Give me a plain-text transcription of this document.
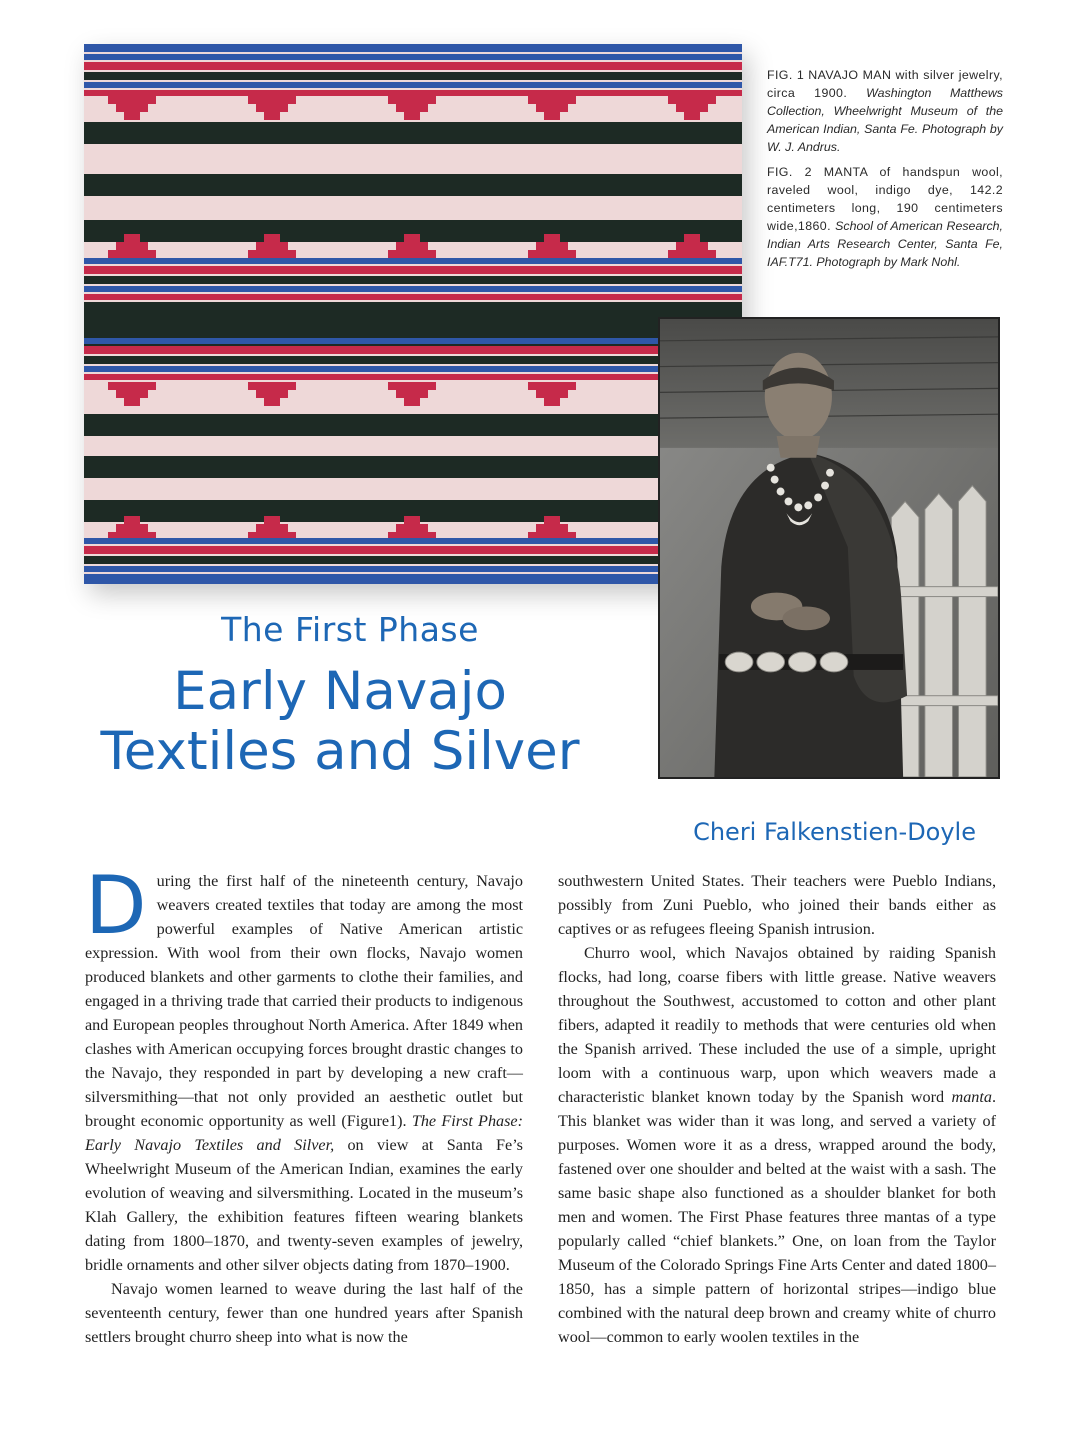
FIG. 1 NAVAJO MAN with silver jewelry, circa 1900. Washington Matthews Collection, Wheelwright Museum of the American Indian, Santa Fe. Photograph by W. J. Andrus.

FIG. 2 MANTA of handspun wool, raveled wool, indigo dye, 142.2 centimeters long, 190 centimeters wide,1860. School of American Research, Indian Arts Research Center, Santa Fe, IAF.T71. Photograph by Mark Nohl.

The First Phase
Early Navajo
Textiles and Silver
Cheri Falkenstien-Doyle

During the first half of the nineteenth century, Navajo weavers created textiles that today are among the most powerful examples of Native American artistic expression. With wool from their own flocks, Navajo women produced blankets and other garments to clothe their families, and engaged in a thriving trade that carried their products to indigenous and European peoples throughout North America. After 1849 when clashes with American occupying forces brought drastic changes to the Navajo, they responded in part by developing a new craft—silversmithing—that not only provided an aesthetic outlet but brought economic opportunity as well (Figure1). The First Phase: Early Navajo Textiles and Silver, on view at Santa Fe’s Wheelwright Museum of the American Indian, examines the early evolution of weaving and silversmithing. Located in the museum’s Klah Gallery, the exhibition features fifteen wearing blankets dating from 1800–1870, and twenty-seven examples of jewelry, bridle ornaments and other silver objects dating from 1870–1900.

Navajo women learned to weave during the last half of the seventeenth century, fewer than one hundred years after Spanish settlers brought churro sheep into what is now the

southwestern United States. Their teachers were Pueblo Indians, possibly from Zuni Pueblo, who joined their bands either as captives or as refugees fleeing Spanish intrusion.

Churro wool, which Navajos obtained by raiding Spanish flocks, had long, coarse fibers with little grease. Native weavers throughout the Southwest, accustomed to cotton and other plant fibers, adapted it readily to methods that were centuries old when the Spanish arrived. These included the use of a simple, upright loom with a continuous warp, upon which weavers made a characteristic blanket known today by the Spanish word manta. This blanket was wider than it was long, and served a variety of purposes. Women wore it as a dress, wrapped around the body, fastened over one shoulder and belted at the waist with a sash. The same basic shape also functioned as a shoulder blanket for both men and women. The First Phase features three mantas of a type popularly called “chief blankets.” One, on loan from the Taylor Museum of the Colorado Springs Fine Arts Center and dated 1800–1850, has a simple pattern of horizontal stripes—indigo blue combined with the natural deep brown and creamy white of churro wool—common to early woolen textiles in the
